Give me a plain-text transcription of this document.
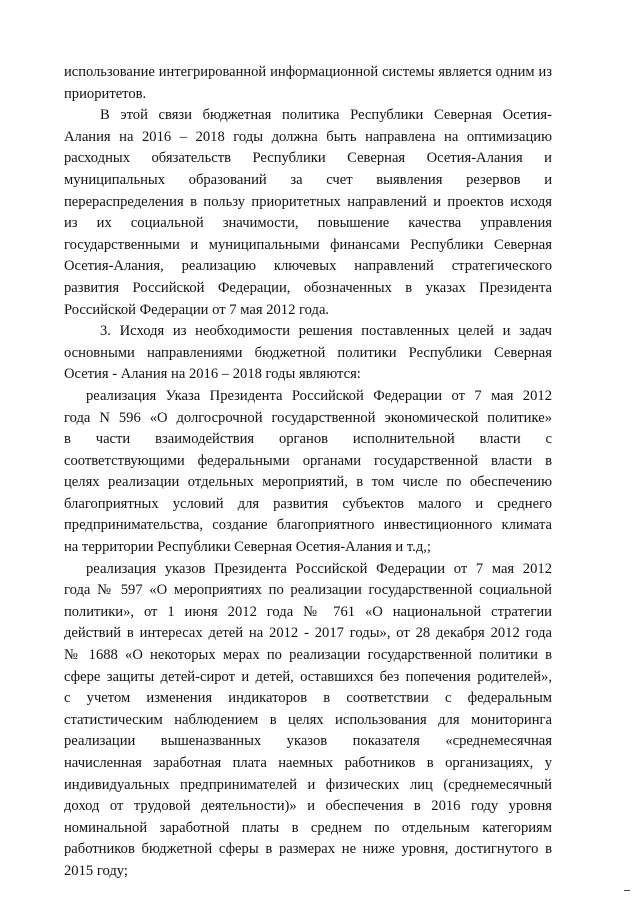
использование интегрированной информационной системы является одним из
приоритетов.

В этой связи бюджетная политика Республики Северная Осетия-
Алания на 2016 – 2018 годы должна быть направлена на оптимизацию
расходных обязательств Республики Северная Осетия-Алания и
муниципальных образований за счет выявления резервов и
перераспределения в пользу приоритетных направлений и проектов исходя
из их социальной значимости, повышение качества управления
государственными и муниципальными финансами Республики Северная
Осетия-Алания, реализацию ключевых направлений стратегического
развития Российской Федерации, обозначенных в указах Президента
Российской Федерации от 7 мая 2012 года.

3. Исходя из необходимости решения поставленных целей и задач
основными направлениями бюджетной политики Республики Северная
Осетия - Алания на 2016 – 2018 годы являются:

реализация Указа Президента Российской Федерации от 7 мая 2012
года N 596 «О долгосрочной государственной экономической политике»
в части взаимодействия органов исполнительной власти с
соответствующими федеральными органами государственной власти в
целях реализации отдельных мероприятий, в том числе по обеспечению
благоприятных условий для развития субъектов малого и среднего
предпринимательства, создание благоприятного инвестиционного климата
на территории Республики Северная Осетия-Алания и т.д,;

реализация указов Президента Российской Федерации от 7 мая 2012
года № 597 «О мероприятиях по реализации государственной социальной
политики», от 1 июня 2012 года № 761 «О национальной стратегии
действий в интересах детей на 2012 - 2017 годы», от 28 декабря 2012 года
№ 1688 «О некоторых мерах по реализации государственной политики в
сфере защиты детей-сирот и детей, оставшихся без попечения родителей»,
с учетом изменения индикаторов в соответствии с федеральным
статистическим наблюдением в целях использования для мониторинга
реализации вышеназванных указов показателя «среднемесячная
начисленная заработная плата наемных работников в организациях, у
индивидуальных предпринимателей и физических лиц (среднемесячный
доход от трудовой деятельности)» и обеспечения в 2016 году уровня
номинальной заработной платы в среднем по отдельным категориям
работников бюджетной сферы в размерах не ниже уровня, достигнутого в
2015 году;
